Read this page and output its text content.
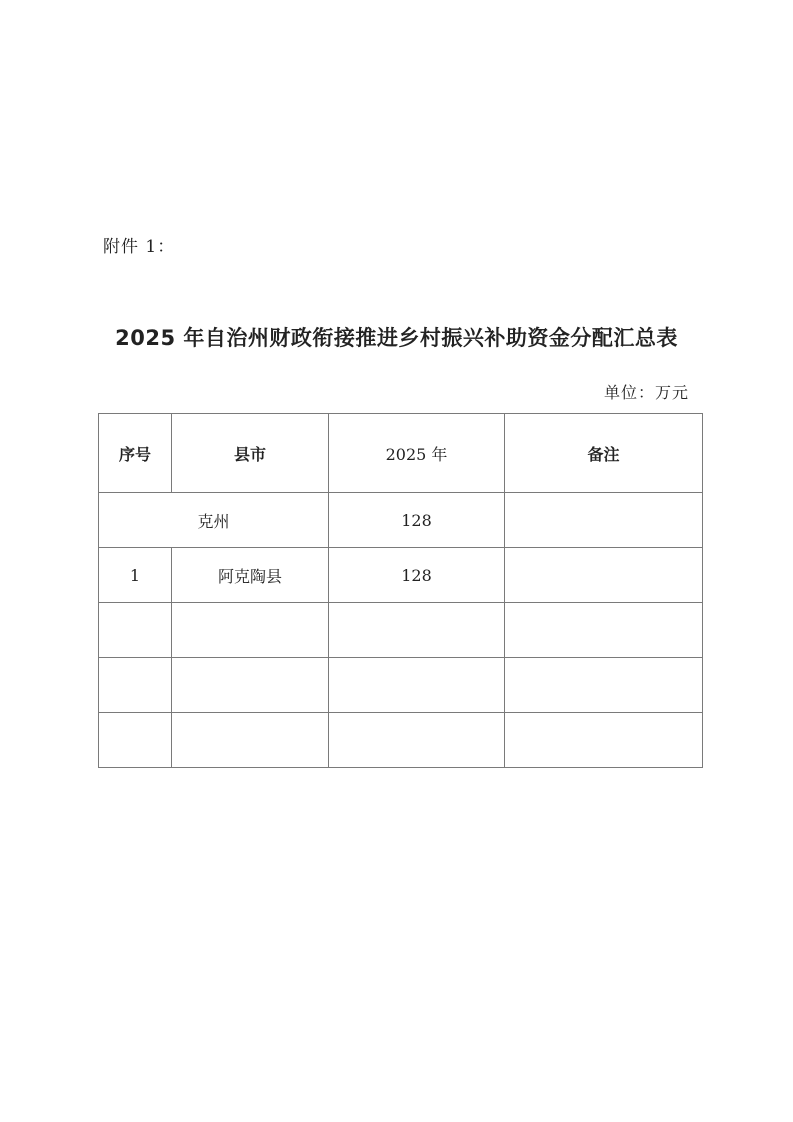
附件 1：
2025 年自治州财政衔接推进乡村振兴补助资金分配汇总表
单位：万元
序号	县市	2025 年	备注
克州		128	
1	阿克陶县	128	
